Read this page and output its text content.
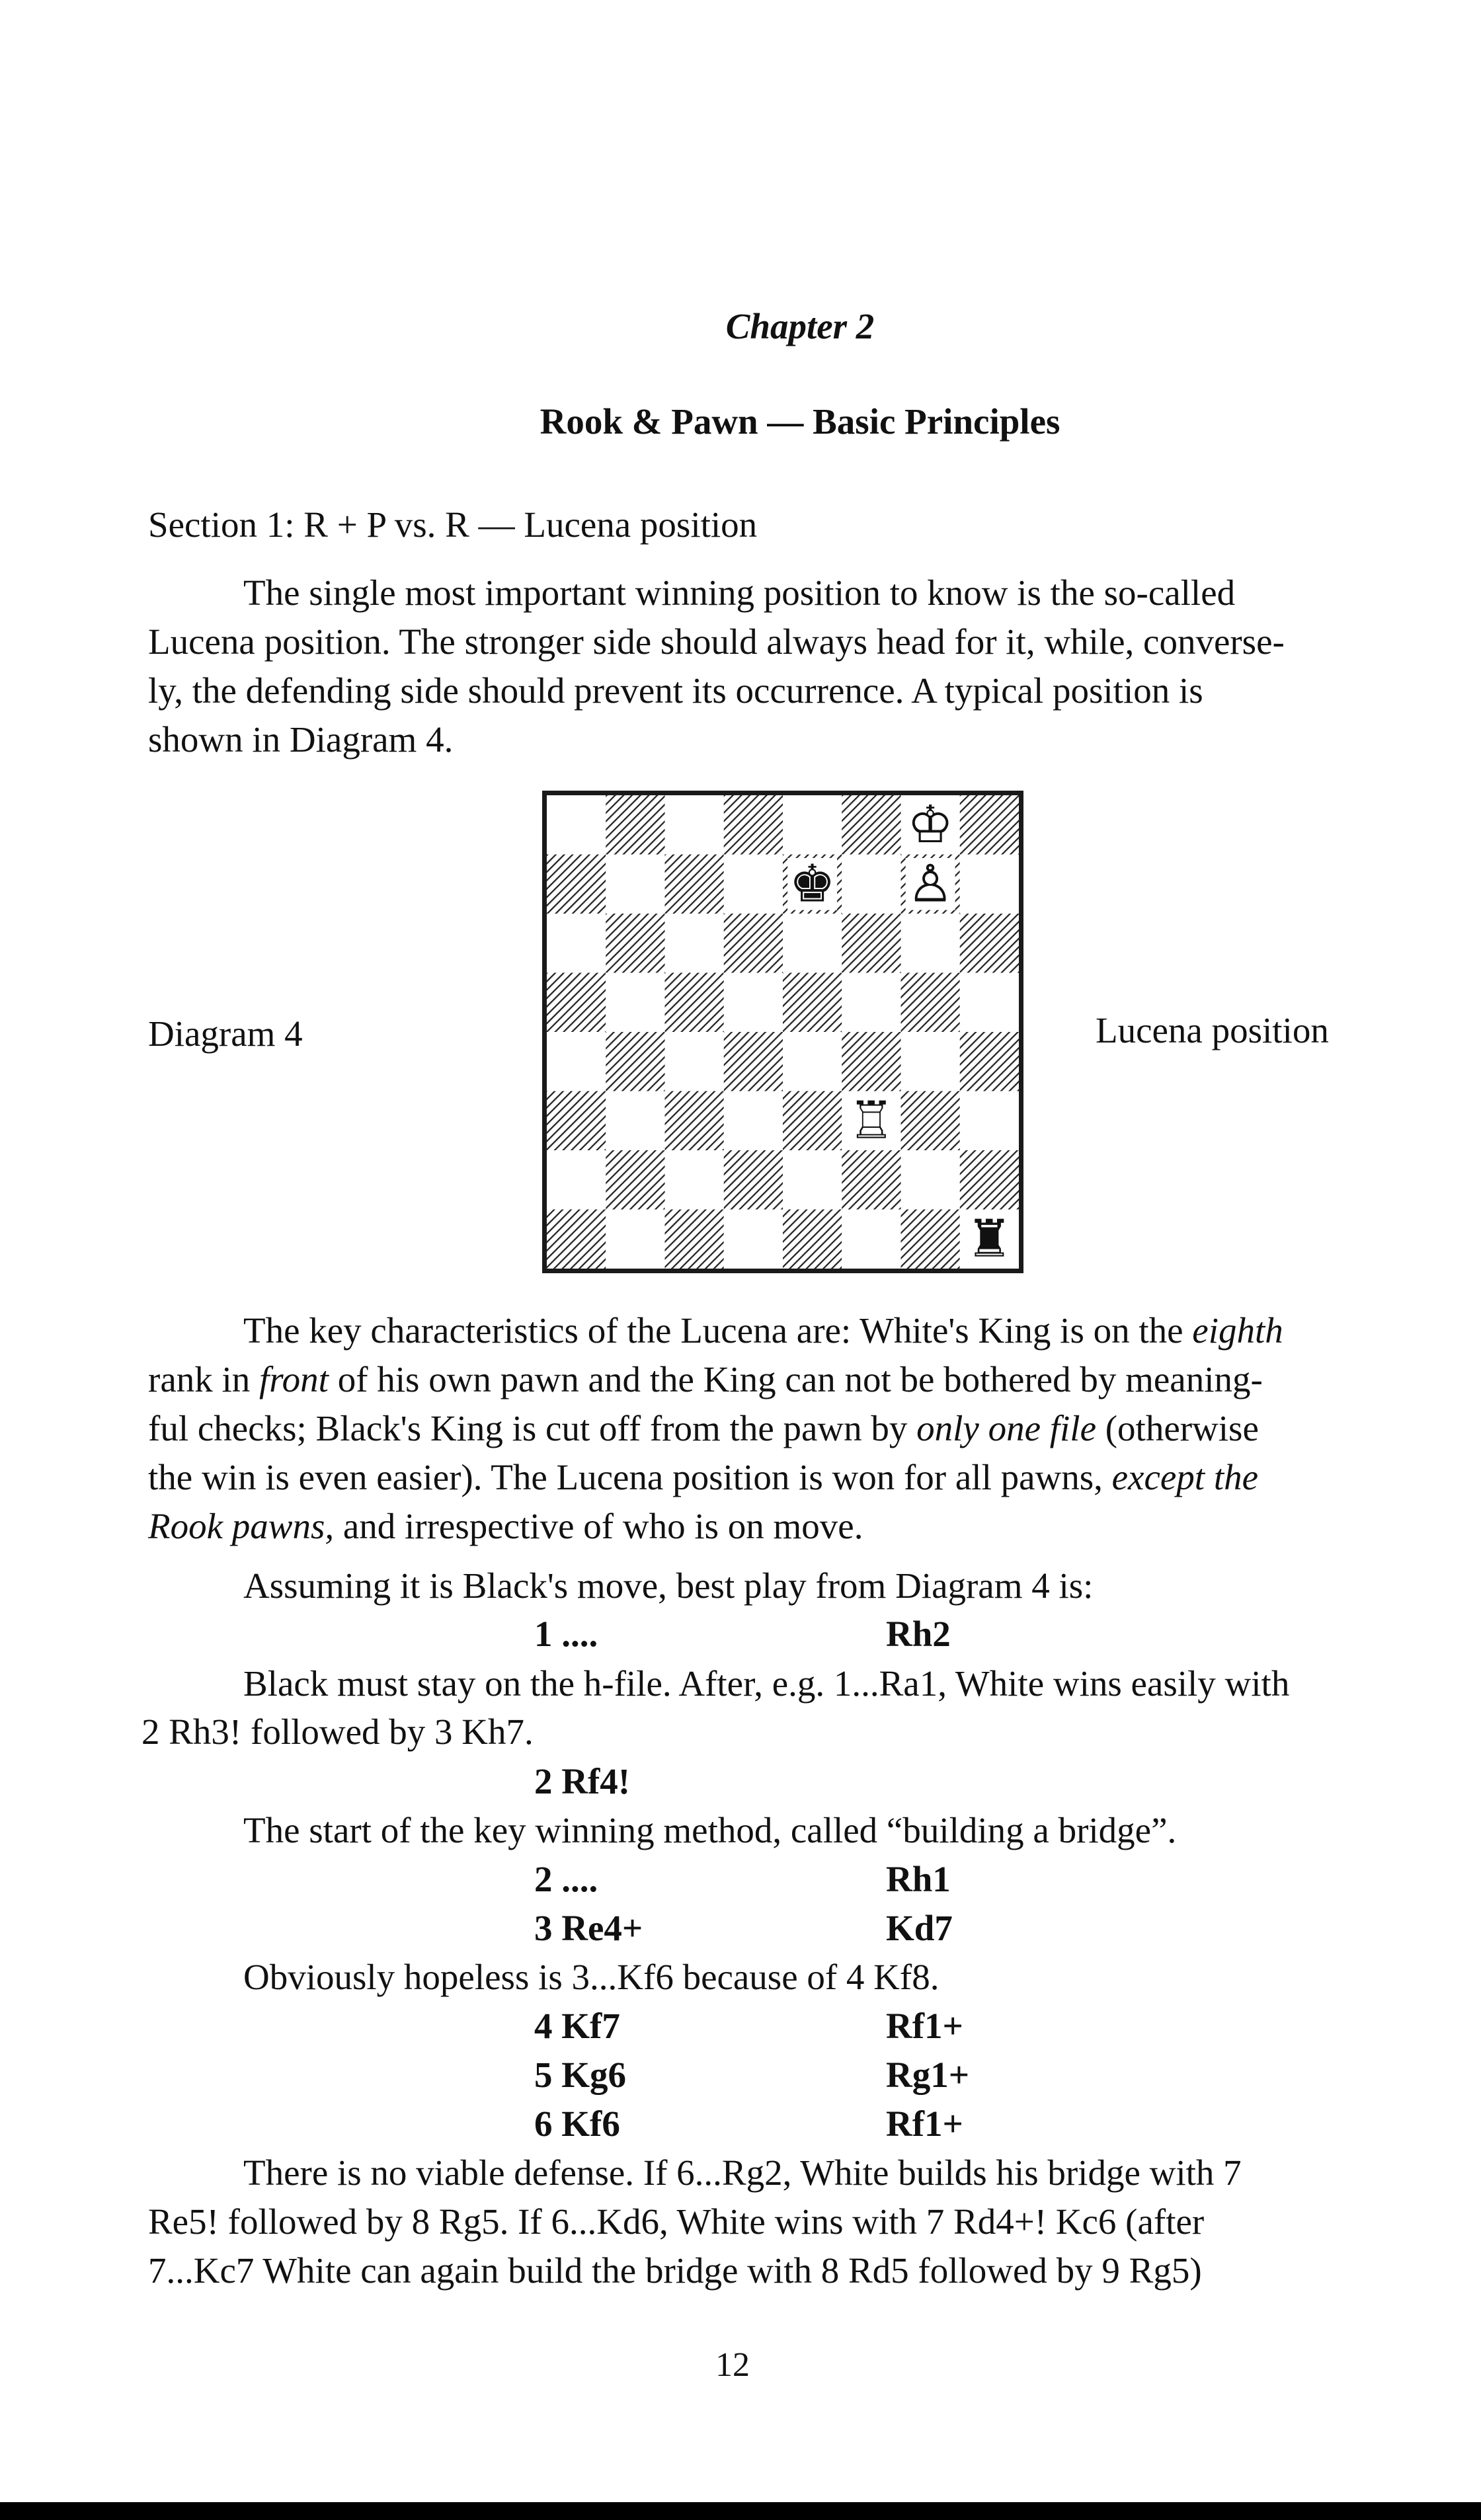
Chapter 2
Rook & Pawn — Basic Principles
Section 1: R + P vs. R — Lucena position
The single most important winning position to know is the so-called
Lucena position. The stronger side should always head for it, while, converse-
ly, the defending side should prevent its occurrence. A typical position is
shown in Diagram 4.
Diagram 4	Lucena position
♔
♚ ♙
♖
♜
The key characteristics of the Lucena are: White's King is on the eighth
rank in front of his own pawn and the King can not be bothered by meaning-
ful checks; Black's King is cut off from the pawn by only one file (otherwise
the win is even easier). The Lucena position is won for all pawns, except the
Rook pawns, and irrespective of who is on move.
Assuming it is Black's move, best play from Diagram 4 is:
1 ....	Rh2
Black must stay on the h-file. After, e.g. 1...Ra1, White wins easily with
2 Rh3! followed by 3 Kh7.
2 Rf4!
The start of the key winning method, called “building a bridge”.
2 ....	Rh1
3 Re4+	Kd7
Obviously hopeless is 3...Kf6 because of 4 Kf8.
4 Kf7	Rf1+
5 Kg6	Rg1+
6 Kf6	Rf1+
There is no viable defense. If 6...Rg2, White builds his bridge with 7
Re5! followed by 8 Rg5. If 6...Kd6, White wins with 7 Rd4+! Kc6 (after
7...Kc7 White can again build the bridge with 8 Rd5 followed by 9 Rg5)
12
